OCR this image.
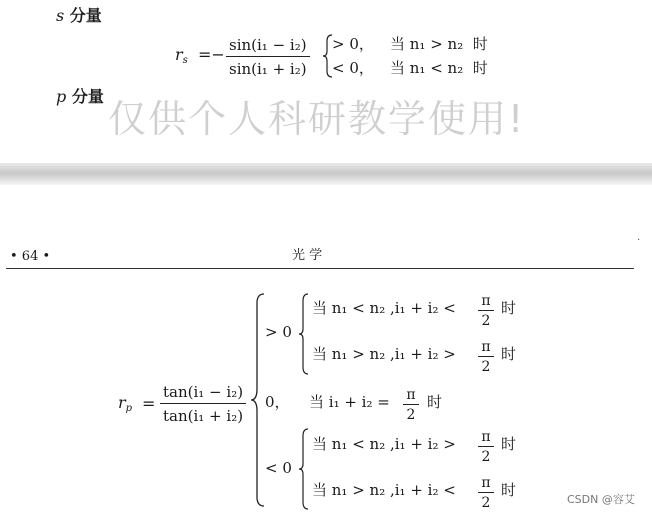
s 分量
$r_s =- \frac{\text{sin(i₁ − i₂)}}{\text{sin(i₁ + i₂)}} > 0$， 当 n₁ > n₂ 时
< 0， 当 n₁ < n₂ 时
p 分量
仅供个人科研教学使用!
• 64 •	光 学
·
$r_p = \frac{\text{tan(i₁ − i₂)}}{\text{tan(i₁ + i₂)}}$
> 0
当 n₁ < n₂ $,i_1 + i_2 < \frac{\pi}{2}$ 时
当 n₁ > n₂ $,i_1 + i_2 > \frac{\pi}{2}$ 时
0， 当 $i_1 + i_2 = \frac{\pi}{2}$ 时
< 0
当 n₁ < n₂ $,i_1 + i_2 > \frac{\pi}{2}$ 时
当 n₁ > n₂ $,i_1 + i_2 < \frac{\pi}{2}$ 时
CSDN @容艾
